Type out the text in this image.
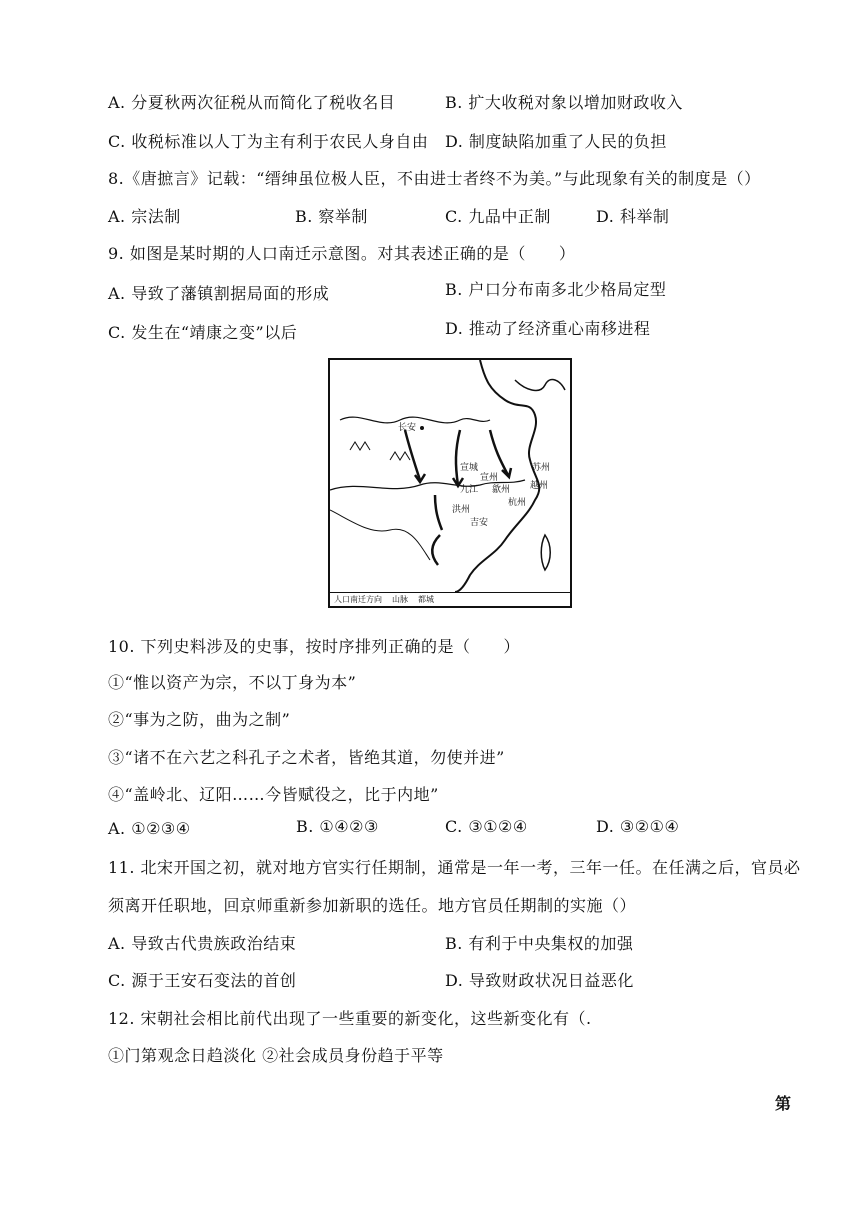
A. 分夏秋两次征税从而简化了税收名目	B. 扩大收税对象以增加财政收入
C. 收税标准以人丁为主有利于农民人身自由 D. 制度缺陷加重了人民的负担
8.《唐摭言》记载：“缙绅虽位极人臣，不由进士者终不为美。”与此现象有关的制度是（）
A. 宗法制	B. 察举制	C. 九品中正制	D. 科举制
9. 如图是某时期的人口南迁示意图。对其表述正确的是（　　）
A. 导致了藩镇割据局面的形成	B. 户口分布南多北少格局定型
C. 发生在“靖康之变”以后	D. 推动了经济重心南移进程
长安
宣城
宣州
九江 歙州
杭州
洪州
吉安
苏州
越州
人口南迁方向 山脉 都城
10. 下列史料涉及的史事，按时序排列正确的是（　　）
①“惟以资产为宗，不以丁身为本”
②“事为之防，曲为之制”
③“诸不在六艺之科孔子之术者，皆绝其道，勿使并进”
④“盖岭北、辽阳……今皆赋役之，比于内地”
A. ①②③④	B. ①④②③	C. ③①②④	D. ③②①④
11. 北宋开国之初，就对地方官实行任期制，通常是一年一考，三年一任。在任满之后，官员必
须离开任职地，回京师重新参加新职的选任。地方官员任期制的实施（）
A. 导致古代贵族政治结束	B. 有利于中央集权的加强
C. 源于王安石变法的首创	D. 导致财政状况日益恶化
12. 宋朝社会相比前代出现了一些重要的新变化，这些新变化有（.
①门第观念日趋淡化 ②社会成员身份趋于平等
第
